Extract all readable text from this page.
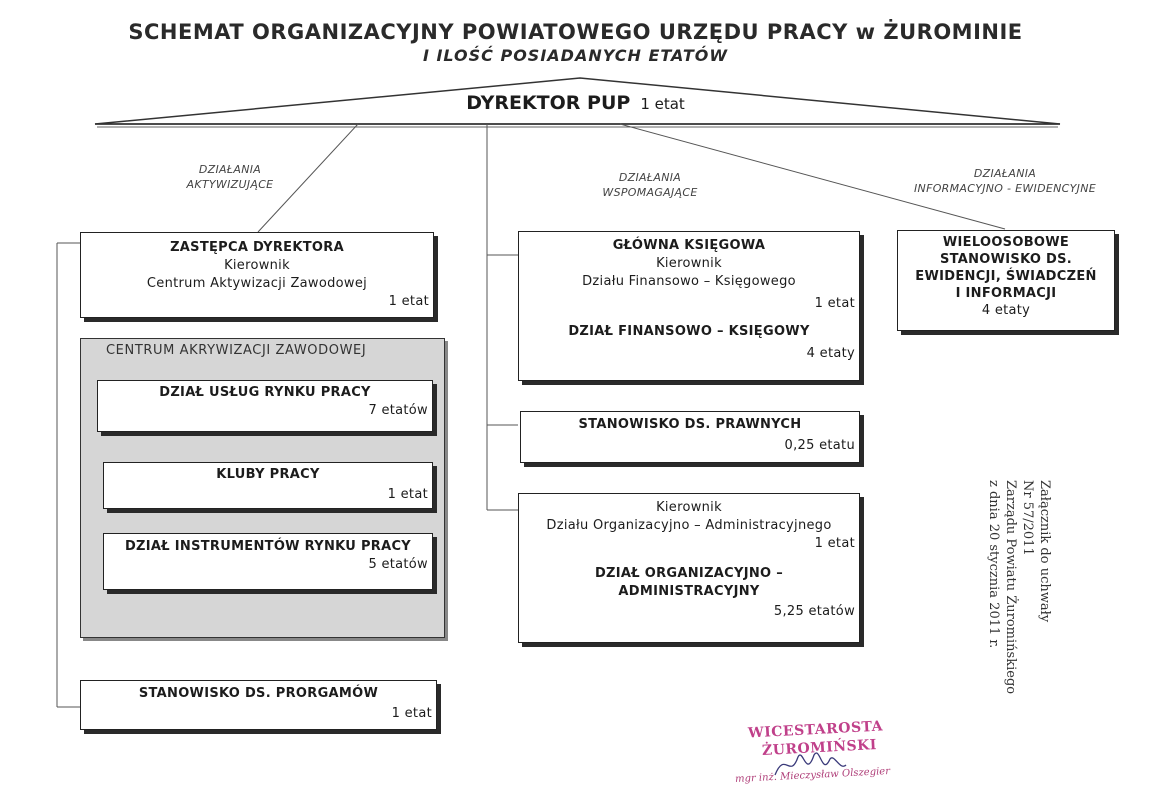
SCHEMAT ORGANIZACYJNY POWIATOWEGO URZĘDU PRACY w ŻUROMINIE
I ILOŚĆ POSIADANYCH ETATÓW
DYREKTOR PUP 1 etat
DZIAŁANIA
AKTYWIZUJĄCE
DZIAŁANIA
WSPOMAGAJĄCE
DZIAŁANIA
INFORMACYJNO - EWIDENCYJNE
ZASTĘPCA DYREKTORA
Kierownik
Centrum Aktywizacji Zawodowej
1 etat
CENTRUM AKRYWIZACJI ZAWODOWEJ
DZIAŁ USŁUG RYNKU PRACY
7 etatów
KLUBY PRACY
1 etat
DZIAŁ INSTRUMENTÓW RYNKU PRACY
5 etatów
STANOWISKO DS. PRORGAMÓW
1 etat
GŁÓWNA KSIĘGOWA
Kierownik
Działu Finansowo – Księgowego
1 etat
DZIAŁ FINANSOWO – KSIĘGOWY
4 etaty
STANOWISKO DS. PRAWNYCH
0,25 etatu
Kierownik
Działu Organizacyjno – Administracyjnego
1 etat
DZIAŁ ORGANIZACYJNO –
ADMINISTRACYJNY
5,25 etatów
WIELOOSOBOWE
STANOWISKO DS.
EWIDENCJI, ŚWIADCZEŃ
I INFORMACJI
4 etaty
Załącznik do uchwały
Nr 57/2011
Zarządu Powiatu Żuromińskiego
z dnia 20 stycznia 2011 r.
WICESTAROSTA
ŻUROMIŃSKI
mgr inż. Mieczysław Olszegier
